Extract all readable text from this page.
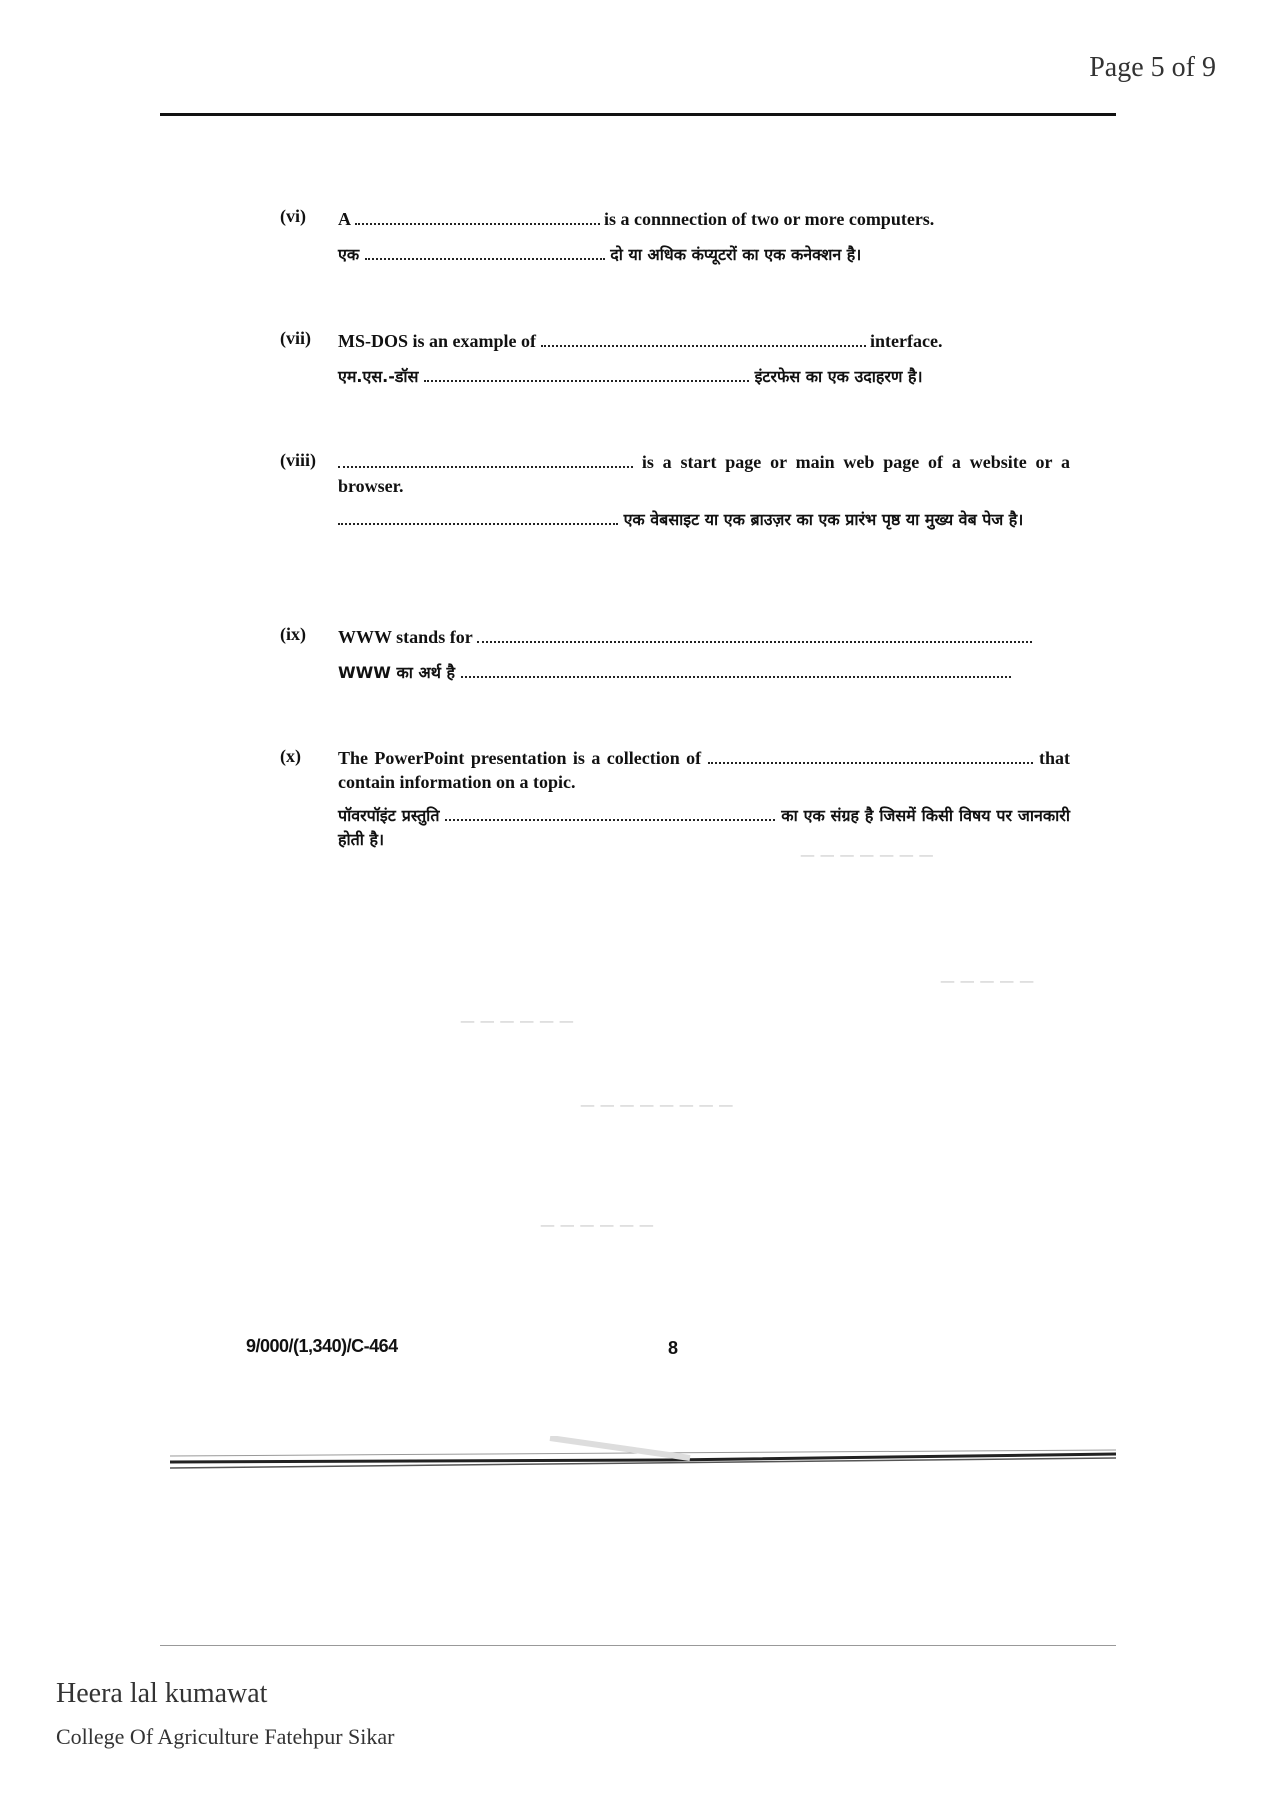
Page 5 of 9
— — — — — — —
— — — — —
— — — — — —
— — — — — — — —
— — — — — —
(vi) A	is a connnection of two or more computers.
एक	दो या अधिक कंप्यूटरों का एक कनेक्शन है।
(vii) MS-DOS is an example of	interface.
एम.एस.-डॉस	इंटरफेस का एक उदाहरण है।
(viii)	is a start page or main web page of a website or a browser.
एक वेबसाइट या एक ब्राउज़र का एक प्रारंभ पृष्ठ या मुख्य वेब पेज है।
(ix) WWW stands for
WWW का अर्थ है
(x) The PowerPoint presentation is a collection of	that contain information on a topic.
पॉवरपॉइंट प्रस्तुति	का एक संग्रह है जिसमें किसी विषय पर जानकारी होती है।
9/000/(1,340)/C-464	8
Heera lal kumawat
College Of Agriculture Fatehpur Sikar
